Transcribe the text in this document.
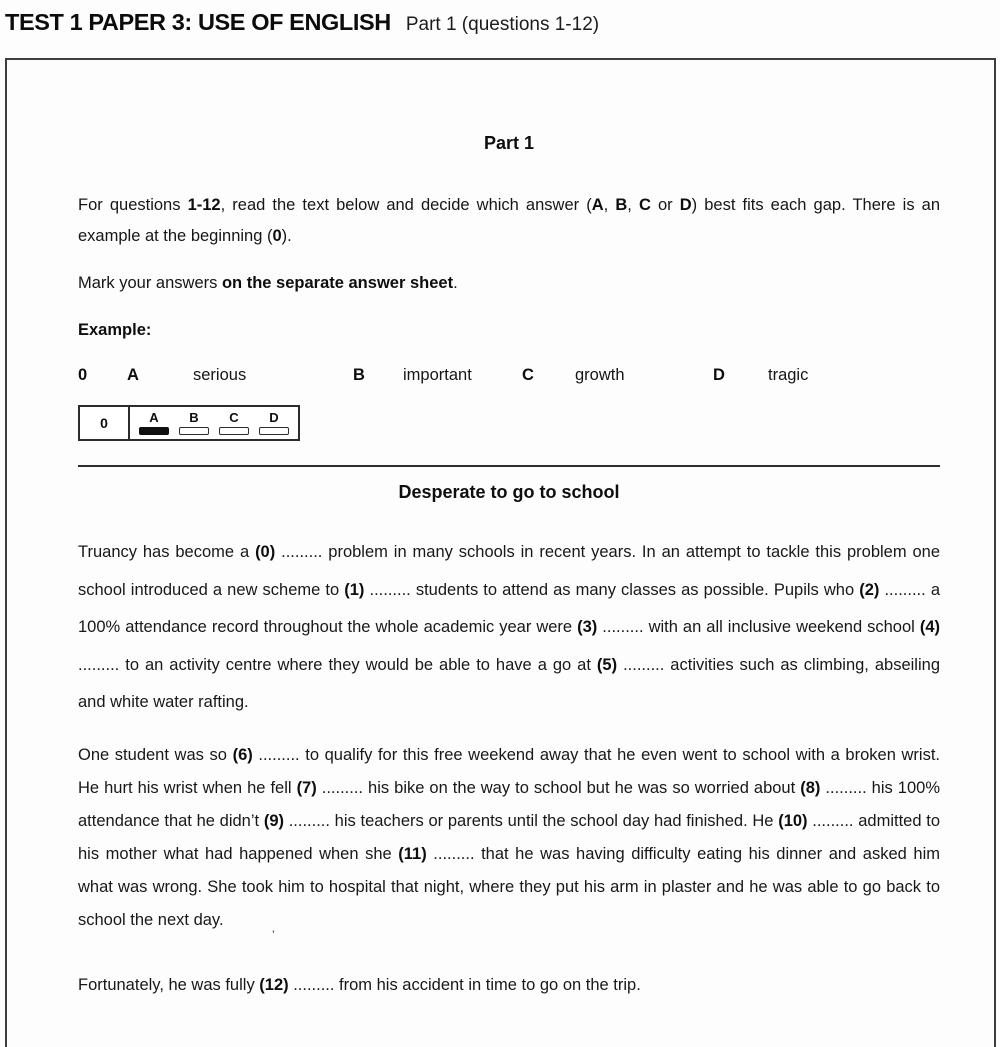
TEST 1 PAPER 3: USE OF ENGLISH Part 1 (questions 1-12)
Part 1

For questions 1-12, read the text below and decide which answer (A, B, C or D) best fits each gap. There is an example at the beginning (0).

Mark your answers on the separate answer sheet.

Example:

0	A	serious	B	important	C	growth	D	tragic
0	A B C D
Desperate to go to school

Truancy has become a (0) ......... problem in many schools in recent years. In an attempt to tackle this problem one school introduced a new scheme to (1) ......... students to attend as many classes as possible. Pupils who (2) ......... a 100% attendance record throughout the whole academic year were (3) ......... with an all inclusive weekend school (4) ......... to an activity centre where they would be able to have a go at (5) ......... activities such as climbing, abseiling and white water rafting.

One student was so (6) ......... to qualify for this free weekend away that he even went to school with a broken wrist. He hurt his wrist when he fell (7) ......... his bike on the way to school but he was so worried about (8) ......... his 100% attendance that he didn’t (9) ......... his teachers or parents until the school day had finished. He (10) ......... admitted to his mother what had happened when she (11) ......... that he was having difficulty eating his dinner and asked him what was wrong. She took him to hospital that night, where they put his arm in plaster and he was able to go back to school the next day.

Fortunately, he was fully (12) ......... from his accident in time to go on the trip.

’
